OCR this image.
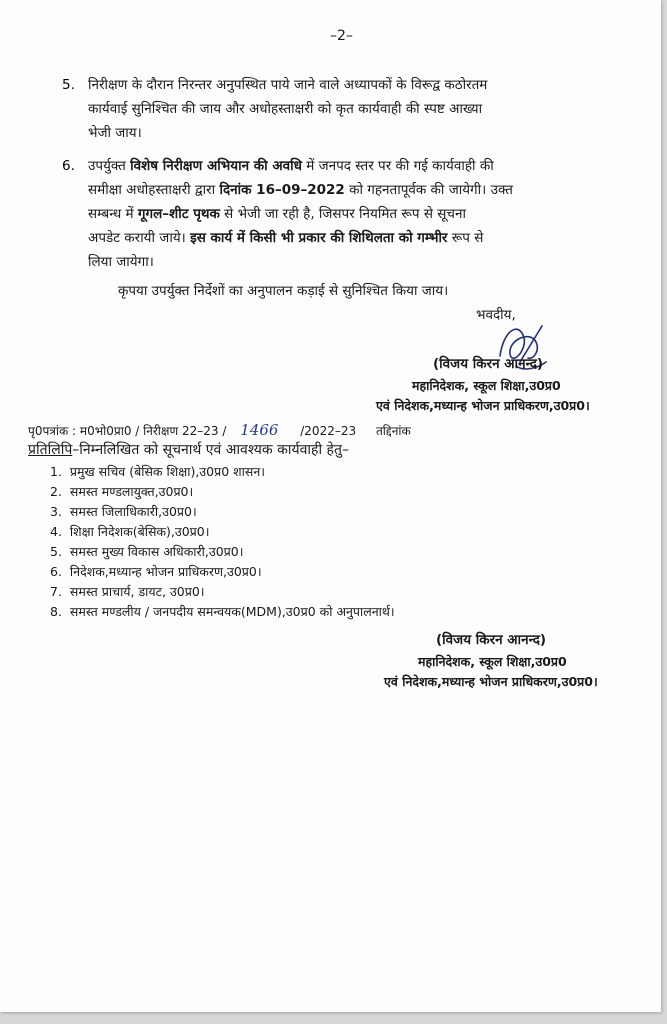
–2–
5. निरीक्षण के दौरान निरन्तर अनुपस्थित पाये जाने वाले अध्यापकों के विरूद्व कठोरतम
कार्यवाई सुनिश्चित की जाय और अधोहस्ताक्षरी को कृत कार्यवाही की स्पष्ट आख्या
भेजी जाय।
6. उपर्युक्त विशेष निरीक्षण अभियान की अवधि में जनपद स्तर पर की गई कार्यवाही की
समीक्षा अधोहस्ताक्षरी द्वारा दिनांक 16–09–2022 को गहनतापूर्वक की जायेगी। उक्त
सम्बन्ध में गूगल–शीट पृथक से भेजी जा रही है, जिसपर नियमित रूप से सूचना
अपडेट करायी जाये। इस कार्य में किसी भी प्रकार की शिथिलता को गम्भीर रूप से
लिया जायेगा।
कृपया उपर्युक्त निर्देशों का अनुपालन कड़ाई से सुनिश्चित किया जाय।
भवदीय,
(विजय किरन आनन्द)
महानिदेशक, स्कूल शिक्षा,उ0प्र0
एवं निदेशक,मध्यान्ह भोजन प्राधिकरण,उ0प्र0।
पृ0पत्रांक : म0भो0प्रा0 / निरीक्षण 22–23 / 1466 /2022–23 तद्दिनांक
प्रतिलिपि–निम्नलिखित को सूचनार्थ एवं आवश्यक कार्यवाही हेतु–
1. प्रमुख सचिव (बेसिक शिक्षा),उ0प्र0 शासन।
2. समस्त मण्डलायुक्त,उ0प्र0।
3. समस्त जिलाधिकारी,उ0प्र0।
4. शिक्षा निदेशक(बेसिक),उ0प्र0।
5. समस्त मुख्य विकास अधिकारी,उ0प्र0।
6. निदेशक,मध्यान्ह भोजन प्राधिकरण,उ0प्र0।
7. समस्त प्राचार्य, डायट, उ0प्र0।
8. समस्त मण्डलीय / जनपदीय समन्वयक(MDM),उ0प्र0 को अनुपालनार्थ।
(विजय किरन आनन्द)
महानिदेशक, स्कूल शिक्षा,उ0प्र0
एवं निदेशक,मध्यान्ह भोजन प्राधिकरण,उ0प्र0।
